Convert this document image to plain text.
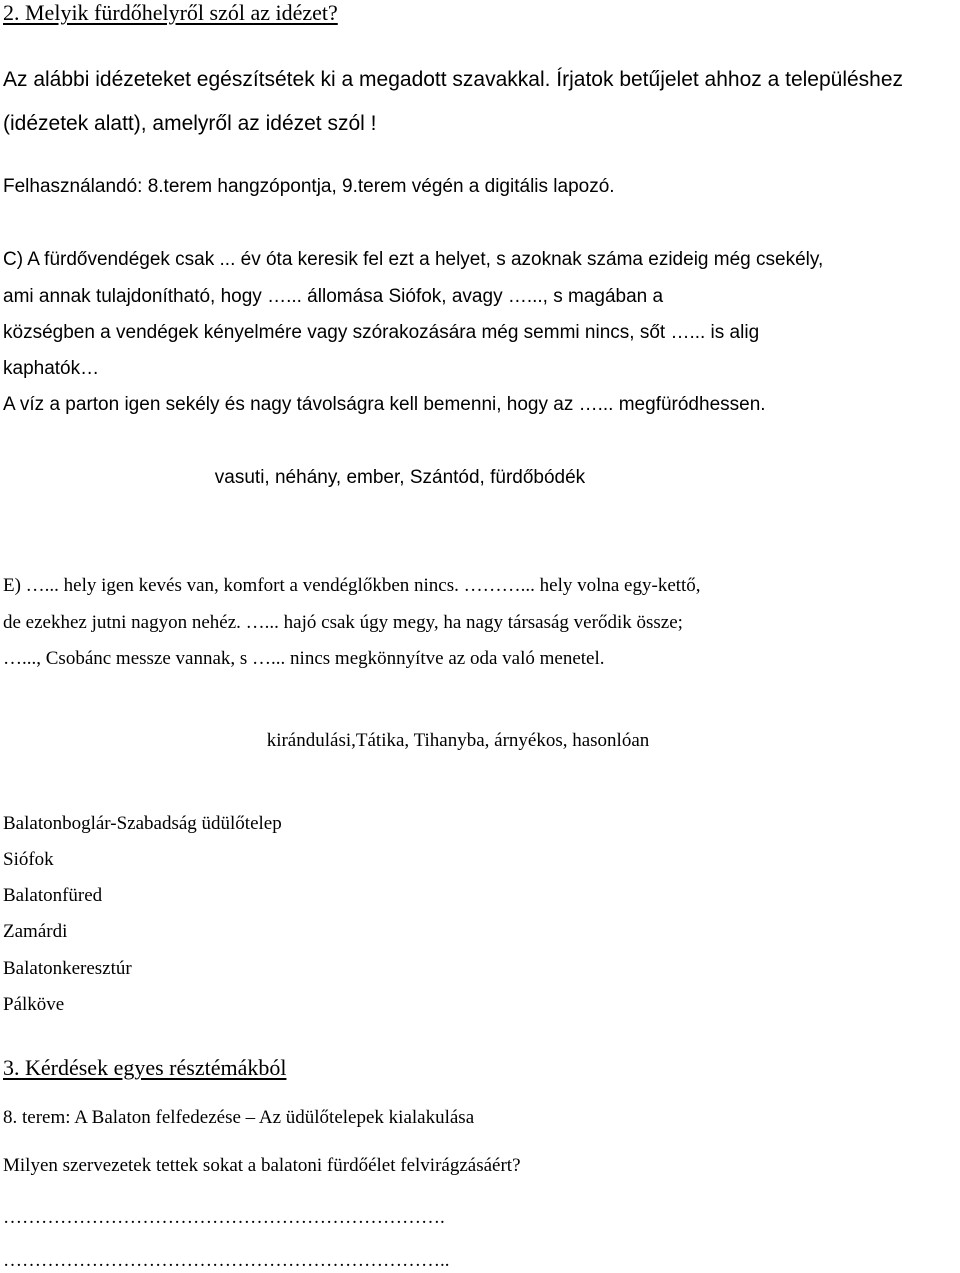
2. Melyik fürdőhelyről szól az idézet?
Az alábbi idézeteket egészítsétek ki a megadott szavakkal. Írjatok betűjelet ahhoz a településhez
(idézetek alatt), amelyről az idézet szól !
Felhasználandó: 8.terem hangzópontja, 9.terem végén a digitális lapozó.
C) A fürdővendégek csak ... év óta keresik fel ezt a helyet, s azoknak száma ezideig még csekély,
ami annak tulajdonítható, hogy …... állomása Siófok, avagy …..., s magában a
községben a vendégek kényelmére vagy szórakozására még semmi nincs, sőt …... is alig
kaphatók…
A víz a parton igen sekély és nagy távolságra kell bemenni, hogy az …... megfüródhessen.
vasuti, néhány, ember, Szántód, fürdőbódék
E) …... hely igen kevés van, komfort a vendéglőkben nincs. ………... hely volna egy-kettő,
de ezekhez jutni nagyon nehéz. …... hajó csak úgy megy, ha nagy társaság verődik össze;
…..., Csobánc messze vannak, s …... nincs megkönnyítve az oda való menetel.
kirándulási,Tátika, Tihanyba, árnyékos, hasonlóan
Balatonboglár-Szabadság üdülőtelep
Siófok
Balatonfüred
Zamárdi
Balatonkeresztúr
Pálköve
3. Kérdések egyes résztémákból
8. terem: A Balaton felfedezése – Az üdülőtelepek kialakulása
Milyen szervezetek tettek sokat a balatoni fürdőélet felvirágzásáért?
…………………………………………………………….
……………………………………………………………..
